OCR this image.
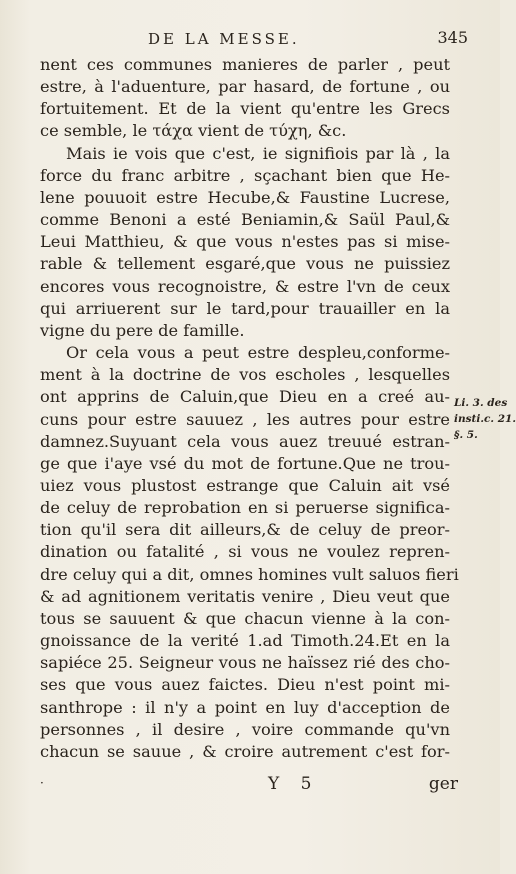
DE LA MESSE.	345
nent ces communes manieres de parler , peut
estre, à l'aduenture, par hasard, de fortune , ou
fortuitement. Et de la vient qu'entre les Grecs
ce semble, le τάχα vient de τύχη, &c.
Mais ie vois que c'est, ie signifiois par là , la
force du franc arbitre , sçachant bien que He-
lene pouuoit estre Hecube,& Faustine Lucrese,
comme Benoni a esté Beniamin,& Saül Paul,&
Leui Matthieu, & que vous n'estes pas si mise-
rable & tellement esgaré,que vous ne puissiez
encores vous recognoistre, & estre l'vn de ceux
qui arriuerent sur le tard,pour trauailler en la
vigne du pere de famille.
Or cela vous a peut estre despleu,conforme-
ment à la doctrine de vos escholes , lesquelles
ont apprins de Caluin,que Dieu en a creé au-
cuns pour estre sauuez , les autres pour estre
damnez.Suyuant cela vous auez treuué estran-
ge que i'aye vsé du mot de fortune.Que ne trou-
uiez vous plustost estrange que Caluin ait vsé
de celuy de reprobation en si peruerse significa-
tion qu'il sera dit ailleurs,& de celuy de preor-
dination ou fatalité , si vous ne voulez repren-
dre celuy qui a dit, omnes homines vult saluos fieri
& ad agnitionem veritatis venire , Dieu veut que
tous se sauuent & que chacun vienne à la con-
gnoissance de la verité 1.ad Timoth.24.Et en la
sapiéce 25. Seigneur vous ne haïssez rié des cho-
ses que vous auez faictes. Dieu n'est point mi-
santhrope : il n'y a point en luy d'acception de
personnes , il desire , voire commande qu'vn
chacun se sauue , & croire autrement c'est for-
Li. 3. des
insti.c. 21.
§. 5.
·	Y 5	ger
